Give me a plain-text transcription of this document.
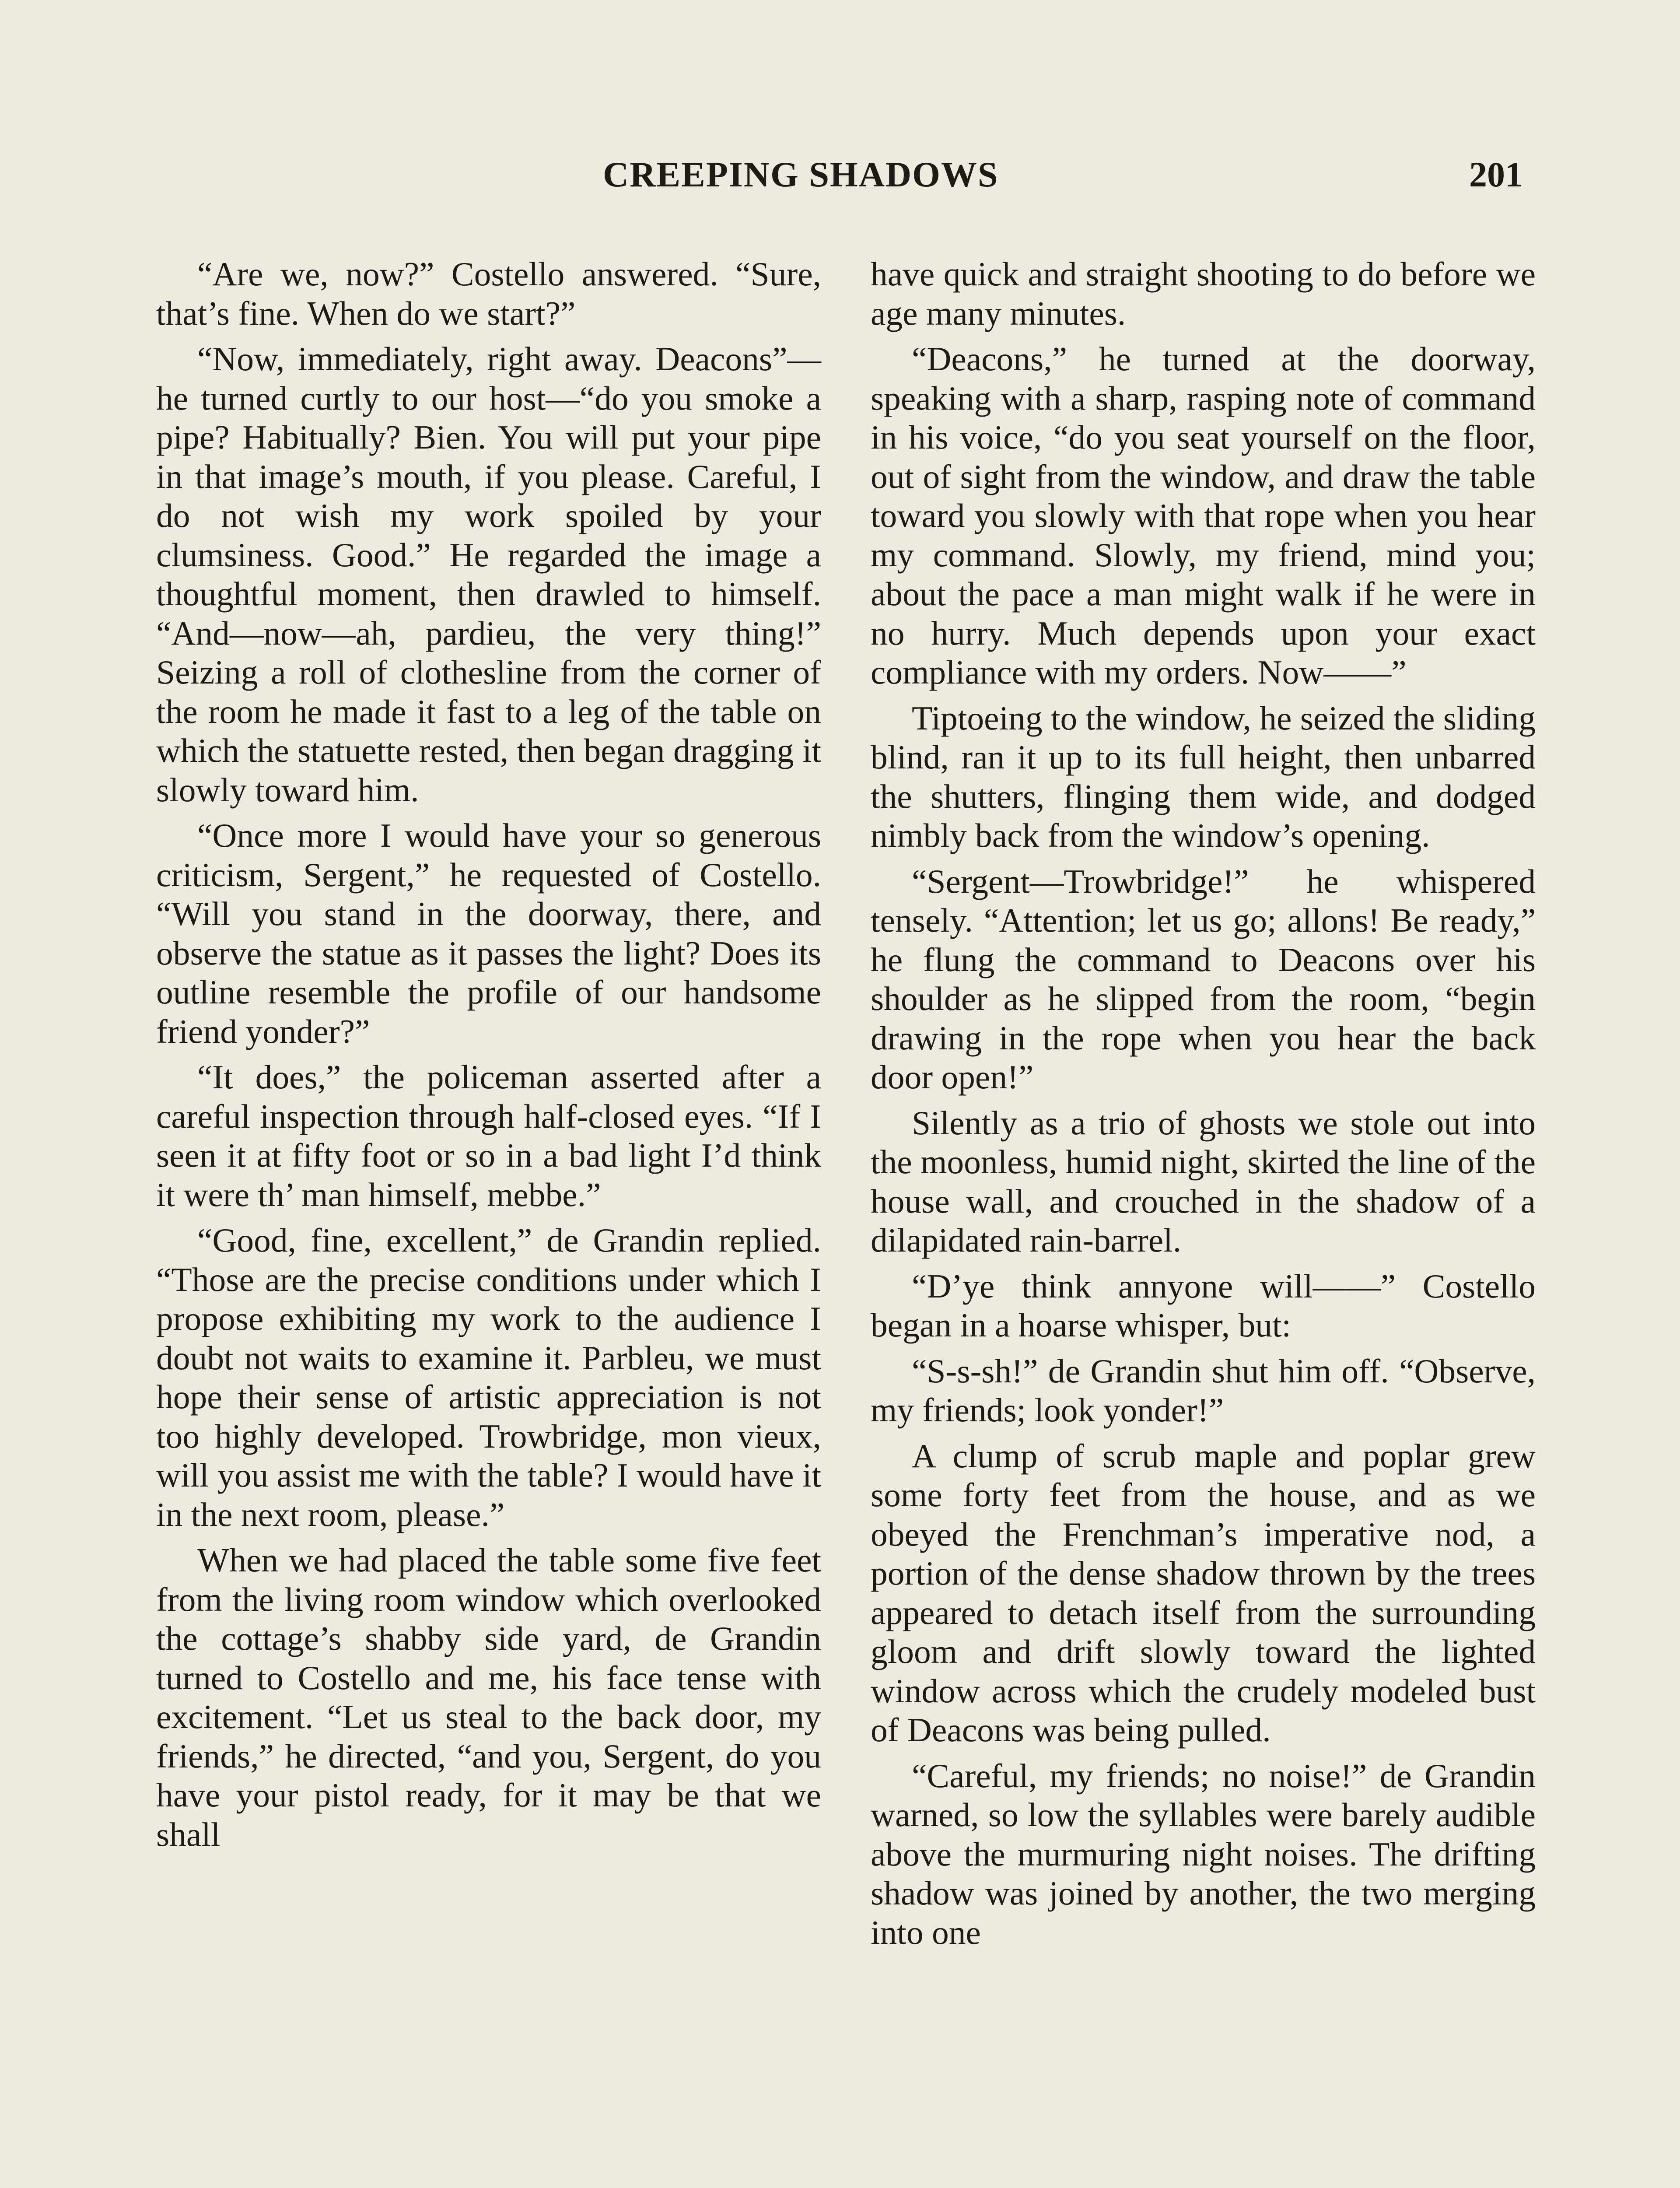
CREEPING SHADOWS	201

“Are we, now?” Costello answered. “Sure, that’s fine. When do we start?”

“Now, immediately, right away. Deacons”—he turned curtly to our host—“do you smoke a pipe? Habitually? Bien. You will put your pipe in that image’s mouth, if you please. Careful, I do not wish my work spoiled by your clumsiness. Good.” He regarded the image a thoughtful moment, then drawled to himself. “And—now—ah, pardieu, the very thing!” Seizing a roll of clothesline from the corner of the room he made it fast to a leg of the table on which the statuette rested, then began dragging it slowly toward him.

“Once more I would have your so generous criticism, Sergent,” he requested of Costello. “Will you stand in the doorway, there, and observe the statue as it passes the light? Does its outline resemble the profile of our handsome friend yonder?”

“It does,” the policeman asserted after a careful inspection through half-closed eyes. “If I seen it at fifty foot or so in a bad light I’d think it were th’ man himself, mebbe.”

“Good, fine, excellent,” de Grandin replied. “Those are the precise conditions under which I propose exhibiting my work to the audience I doubt not waits to examine it. Parbleu, we must hope their sense of artistic appreciation is not too highly developed. Trowbridge, mon vieux, will you assist me with the table? I would have it in the next room, please.”

When we had placed the table some five feet from the living room window which overlooked the cottage’s shabby side yard, de Grandin turned to Costello and me, his face tense with excitement. “Let us steal to the back door, my friends,” he directed, “and you, Sergent, do you have your pistol ready, for it may be that we shall

have quick and straight shooting to do before we age many minutes.

“Deacons,” he turned at the doorway, speaking with a sharp, rasping note of command in his voice, “do you seat yourself on the floor, out of sight from the window, and draw the table toward you slowly with that rope when you hear my command. Slowly, my friend, mind you; about the pace a man might walk if he were in no hurry. Much depends upon your exact compliance with my orders. Now——”

Tiptoeing to the window, he seized the sliding blind, ran it up to its full height, then unbarred the shutters, flinging them wide, and dodged nimbly back from the window’s opening.

“Sergent—Trowbridge!” he whispered tensely. “Attention; let us go; allons! Be ready,” he flung the command to Deacons over his shoulder as he slipped from the room, “begin drawing in the rope when you hear the back door open!”

Silently as a trio of ghosts we stole out into the moonless, humid night, skirted the line of the house wall, and crouched in the shadow of a dilapidated rain-barrel.

“D’ye think annyone will——” Costello began in a hoarse whisper, but:

“S-s-sh!” de Grandin shut him off. “Observe, my friends; look yonder!”

A clump of scrub maple and poplar grew some forty feet from the house, and as we obeyed the Frenchman’s imperative nod, a portion of the dense shadow thrown by the trees appeared to detach itself from the surrounding gloom and drift slowly toward the lighted window across which the crudely modeled bust of Deacons was being pulled.

“Careful, my friends; no noise!” de Grandin warned, so low the syllables were barely audible above the murmuring night noises. The drifting shadow was joined by another, the two merging into one
